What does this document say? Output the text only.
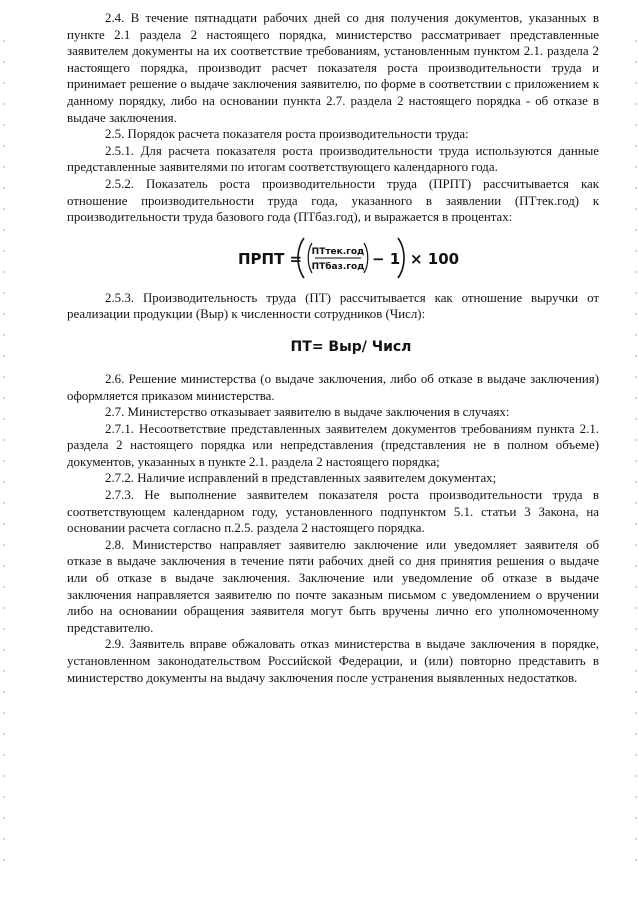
2.4. В течение пятнадцати рабочих дней со дня получения документов, указанных в пункте 2.1 раздела 2 настоящего порядка, министерство рассматривает представленные заявителем документы на их соответствие требованиям, установленным пунктом 2.1. раздела 2 настоящего порядка, производит расчет показателя роста производительности труда и принимает решение о выдаче заключения заявителю, по форме в соответствии с приложением к данному порядку, либо на основании пункта 2.7. раздела 2 настоящего порядка - об отказе в выдаче заключения.

2.5. Порядок расчета показателя роста производительности труда:

2.5.1. Для расчета показателя роста производительности труда используются данные представленные заявителями по итогам соответствующего календарного года.

2.5.2. Показатель роста производительности труда (ПРПТ) рассчитывается как отношение производительности труда года, указанного в заявлении (ПТтек.год) к производительности труда базового года (ПТбаз.год), и выражается в процентах:

ПРПТ = ПТтек.год
ПТбаз.год − 1 × 100

2.5.3. Производительность труда (ПТ) рассчитывается как отношение выручки от реализации продукции (Выр) к численности сотрудников (Числ):

ПТ= Выр/ Числ

2.6. Решение министерства (о выдаче заключения, либо об отказе в выдаче заключения) оформляется приказом министерства.

2.7. Министерство отказывает заявителю в выдаче заключения в случаях:

2.7.1. Несоответствие представленных заявителем документов требованиям пункта 2.1. раздела 2 настоящего порядка или непредставления (представления не в полном объеме) документов, указанных в пункте 2.1. раздела 2 настоящего порядка;

2.7.2. Наличие исправлений в представленных заявителем документах;

2.7.3. Не выполнение заявителем показателя роста производительности труда в соответствующем календарном году, установленного подпунктом 5.1. статьи 3 Закона, на основании расчета согласно п.2.5. раздела 2 настоящего порядка.

2.8. Министерство направляет заявителю заключение или уведомляет заявителя об отказе в выдаче заключения в течение пяти рабочих дней со дня принятия решения о выдаче или об отказе в выдаче заключения. Заключение или уведомление об отказе в выдаче заключения направляется заявителю по почте заказным письмом с уведомлением о вручении либо на основании обращения заявителя могут быть вручены лично его уполномоченному представителю.

2.9. Заявитель вправе обжаловать отказ министерства в выдаче заключения в порядке, установленном законодательством Российской Федерации, и (или) повторно представить в министерство документы на выдачу заключения после устранения выявленных недостатков.
